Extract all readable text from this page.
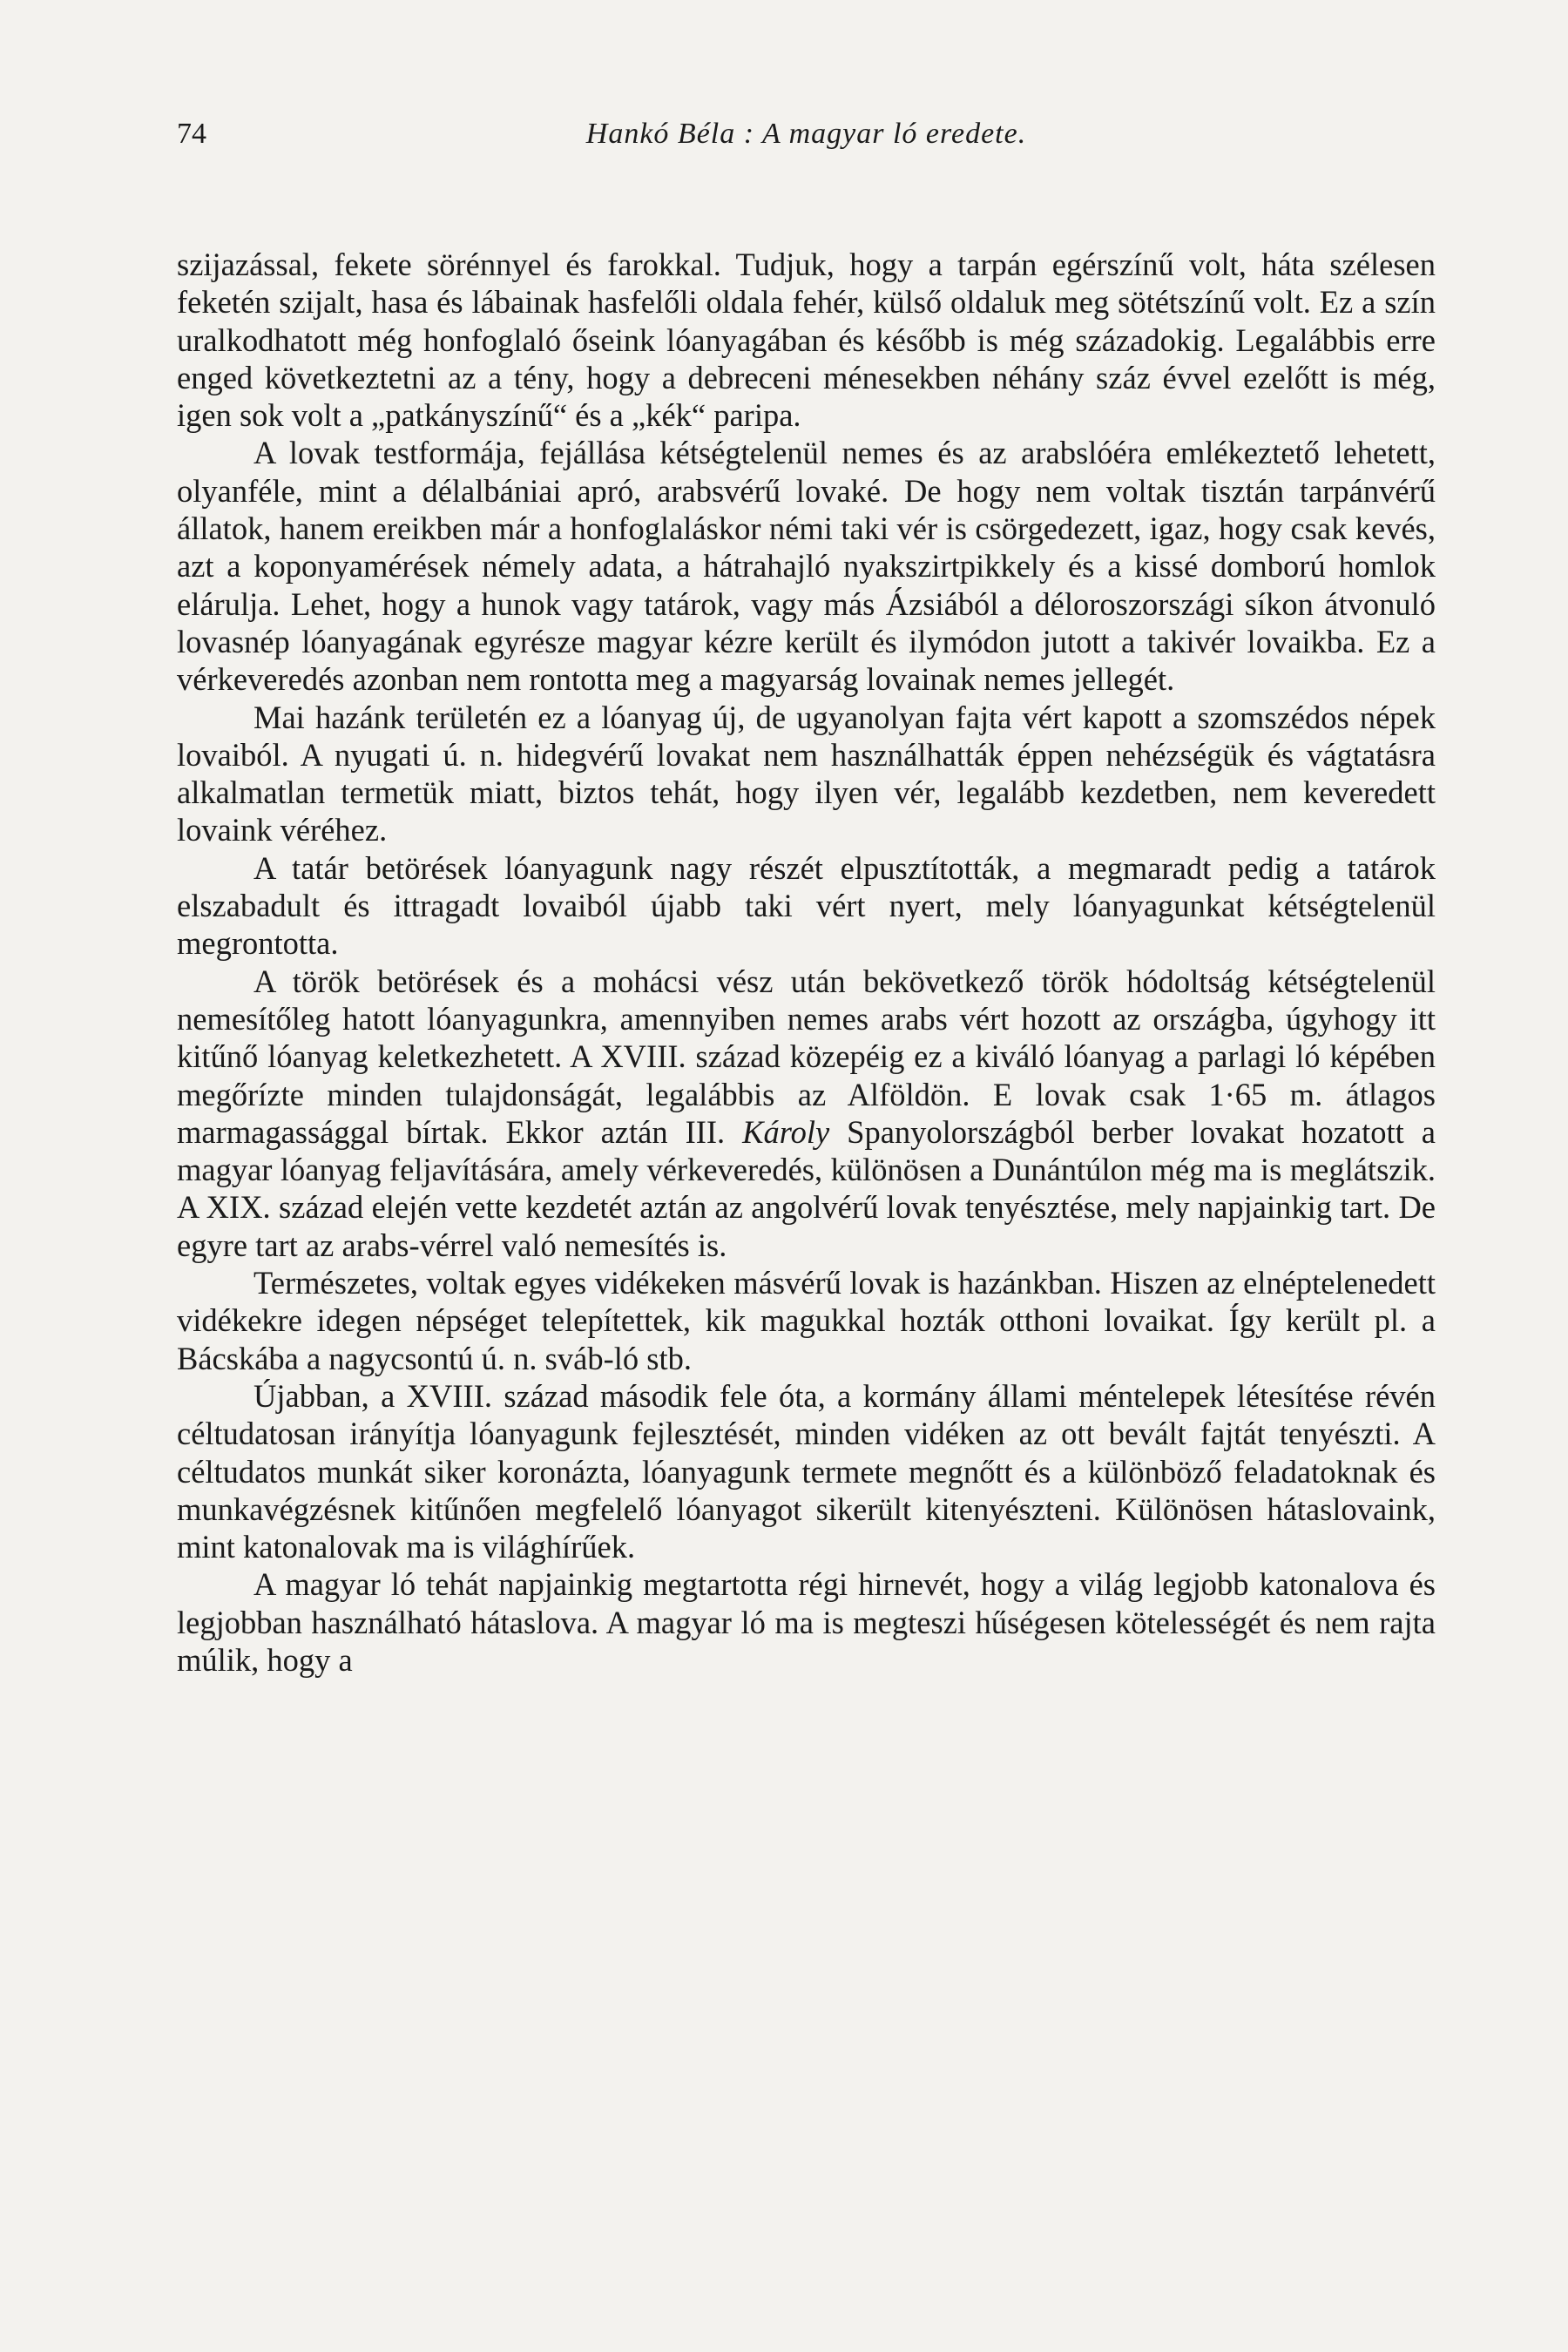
74	Hankó Béla : A magyar ló eredete.

szijazással, fekete sörénnyel és farokkal. Tudjuk, hogy a tarpán egérszínű volt, háta szélesen feketén szijalt, hasa és lábainak hasfelőli oldala fehér, külső oldaluk meg sötétszínű volt. Ez a szín uralkodhatott még honfoglaló őseink lóanyagában és később is még századokig. Legalábbis erre enged következtetni az a tény, hogy a debreceni ménesekben néhány száz évvel ezelőtt is még, igen sok volt a „patkányszínű“ és a „kék“ paripa.

A lovak testformája, fejállása kétségtelenül nemes és az arabslóéra emlékeztető lehetett, olyanféle, mint a délalbániai apró, arabsvérű lovaké. De hogy nem voltak tisztán tarpánvérű állatok, hanem ereikben már a honfoglaláskor némi taki vér is csörgedezett, igaz, hogy csak kevés, azt a koponyamérések némely adata, a hátrahajló nyakszirtpikkely és a kissé domború homlok elárulja. Lehet, hogy a hunok vagy tatárok, vagy más Ázsiából a déloroszországi síkon átvonuló lovasnép lóanyagának egyrésze magyar kézre került és ilymódon jutott a takivér lovaikba. Ez a vérkeveredés azonban nem rontotta meg a magyarság lovainak nemes jellegét.

Mai hazánk területén ez a lóanyag új, de ugyanolyan fajta vért kapott a szomszédos népek lovaiból. A nyugati ú. n. hidegvérű lovakat nem használhatták éppen nehézségük és vágtatásra alkalmatlan termetük miatt, biztos tehát, hogy ilyen vér, legalább kezdetben, nem keveredett lovaink véréhez.

A tatár betörések lóanyagunk nagy részét elpusztították, a megmaradt pedig a tatárok elszabadult és ittragadt lovaiból újabb taki vért nyert, mely lóanyagunkat kétségtelenül megrontotta.

A török betörések és a mohácsi vész után bekövetkező török hódoltság kétségtelenül nemesítőleg hatott lóanyagunkra, amennyiben nemes arabs vért hozott az országba, úgyhogy itt kitűnő lóanyag keletkezhetett. A XVIII. század közepéig ez a kiváló lóanyag a parlagi ló képében megőrízte minden tulajdonságát, legalábbis az Alföldön. E lovak csak 1·65 m. átlagos marmagassággal bírtak. Ekkor aztán III. Károly Spanyolországból berber lovakat hozatott a magyar lóanyag feljavítására, amely vérkeveredés, különösen a Dunántúlon még ma is meglátszik. A XIX. század elején vette kezdetét aztán az angolvérű lovak tenyésztése, mely napjainkig tart. De egyre tart az arabs-vérrel való nemesítés is.

Természetes, voltak egyes vidékeken másvérű lovak is hazánkban. Hiszen az elnéptelenedett vidékekre idegen népséget telepítettek, kik magukkal hozták otthoni lovaikat. Így került pl. a Bácskába a nagycsontú ú. n. sváb-ló stb.

Újabban, a XVIII. század második fele óta, a kormány állami méntelepek létesítése révén céltudatosan irányítja lóanyagunk fejlesztését, minden vidéken az ott bevált fajtát tenyészti. A céltudatos munkát siker koronázta, lóanyagunk termete megnőtt és a különböző feladatoknak és munkavégzésnek kitűnően megfelelő lóanyagot sikerült kitenyészteni. Különösen hátaslovaink, mint katonalovak ma is világhírűek.

A magyar ló tehát napjainkig megtartotta régi hirnevét, hogy a világ legjobb katonalova és legjobban használható hátaslova. A magyar ló ma is megteszi hűségesen kötelességét és nem rajta múlik, hogy a
